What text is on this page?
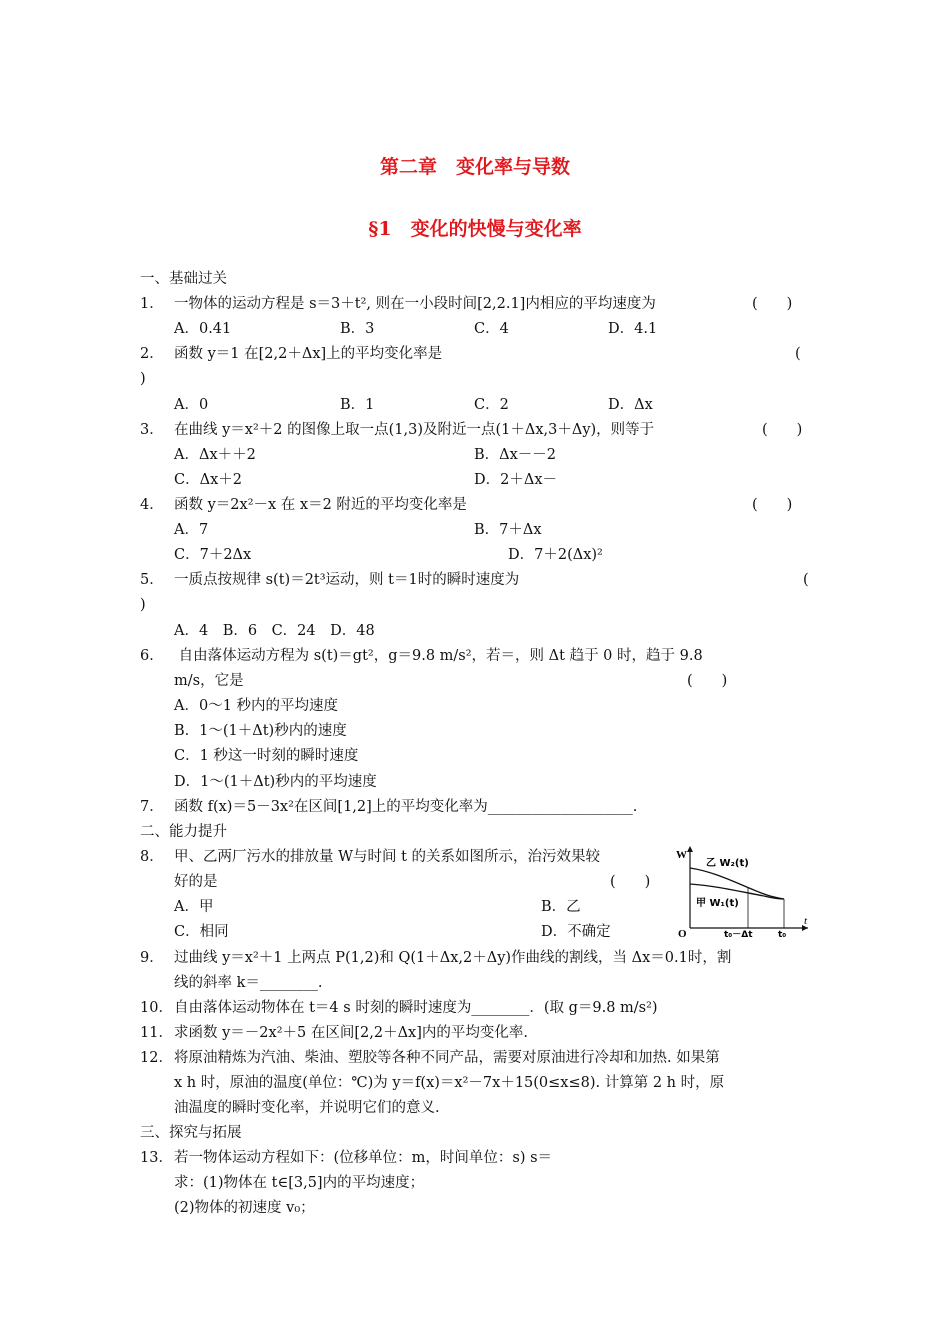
第二章　变化率与导数
§1　变化的快慢与变化率
一、基础过关
1． 一物体的运动方程是 s＝3＋t², 则在一小段时间[2,2.1]内相应的平均速度为	(　　)
A．0.41	B．3	C．4	D．4.1
2． 函数 y＝1 在[2,2＋Δx]上的平均变化率是	(
)
A．0	B．1	C．2	D．Δx
3． 在曲线 y＝x²＋2 的图像上取一点(1,3)及附近一点(1＋Δx,3＋Δy)，则等于	(　　)
A．Δx＋＋2	B．Δx－－2
C．Δx＋2	D．2＋Δx－
4． 函数 y＝2x²－x 在 x＝2 附近的平均变化率是	(　　)
A．7	B．7＋Δx
C．7＋2Δx	D．7＋2(Δx)²
5． 一质点按规律 s(t)＝2t³运动，则 t＝1时的瞬时速度为	(
)
A．4　B．6　C．24　D．48
6． 自由落体运动方程为 s(t)＝gt²，g＝9.8 m/s²，若＝，则 Δt 趋于 0 时，趋于 9.8
m/s，它是	(　　)
A．0～1 秒内的平均速度
B．1～(1＋Δt)秒内的速度
C．1 秒这一时刻的瞬时速度
D．1～(1＋Δt)秒内的平均速度
7． 函数 f(x)＝5－3x²在区间[1,2]上的平均变化率为____________________.
二、能力提升
8． 甲、乙两厂污水的排放量 W与时间 t 的关系如图所示，治污效果较
好的是	(　　)
A．甲	B．乙
C．相同	D．不确定
W
t
O
乙 W₂(t)
甲 W₁(t)
t₀－Δt	t₀
9． 过曲线 y＝x²＋1 上两点 P(1,2)和 Q(1＋Δx,2＋Δy)作曲线的割线，当 Δx＝0.1时，割
线的斜率 k＝________.
10． 自由落体运动物体在 t＝4 s 时刻的瞬时速度为________．(取 g＝9.8 m/s²)
11． 求函数 y＝－2x²＋5 在区间[2,2＋Δx]内的平均变化率.
12． 将原油精炼为汽油、柴油、塑胶等各种不同产品，需要对原油进行冷却和加热. 如果第
x h 时，原油的温度(单位：℃)为 y＝f(x)＝x²－7x＋15(0≤x≤8). 计算第 2 h 时，原
油温度的瞬时变化率，并说明它们的意义.
三、探究与拓展
13． 若一物体运动方程如下：(位移单位：m，时间单位：s) s＝
求：(1)物体在 t∈[3,5]内的平均速度；
(2)物体的初速度 v₀；
